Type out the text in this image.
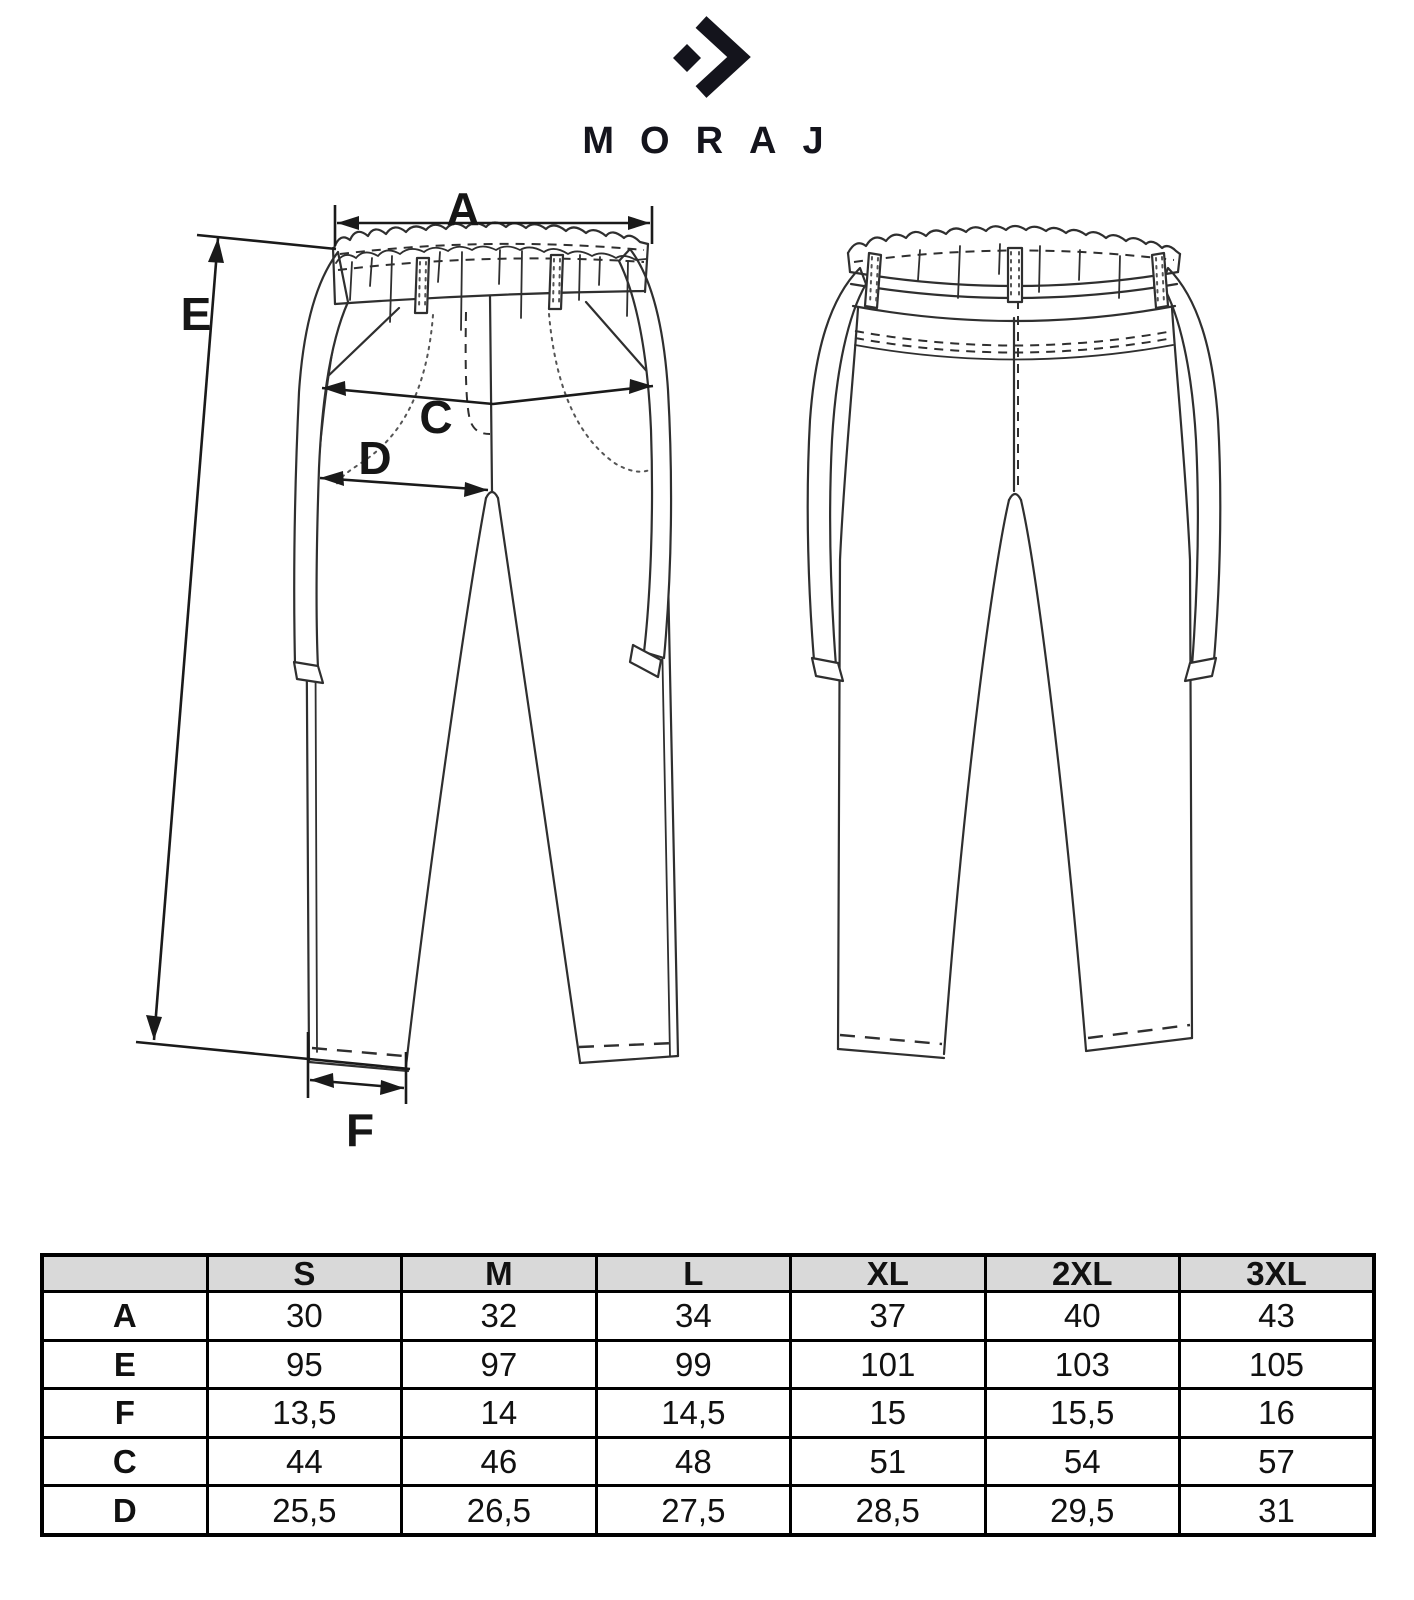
MORAJ
A
E
C
D
F
	S	M	L	XL	2XL	3XL
A	30	32	34	37	40	43
E	95	97	99	101	103	105
F	13,5	14	14,5	15	15,5	16
C	44	46	48	51	54	57
D	25,5	26,5	27,5	28,5	29,5	31
